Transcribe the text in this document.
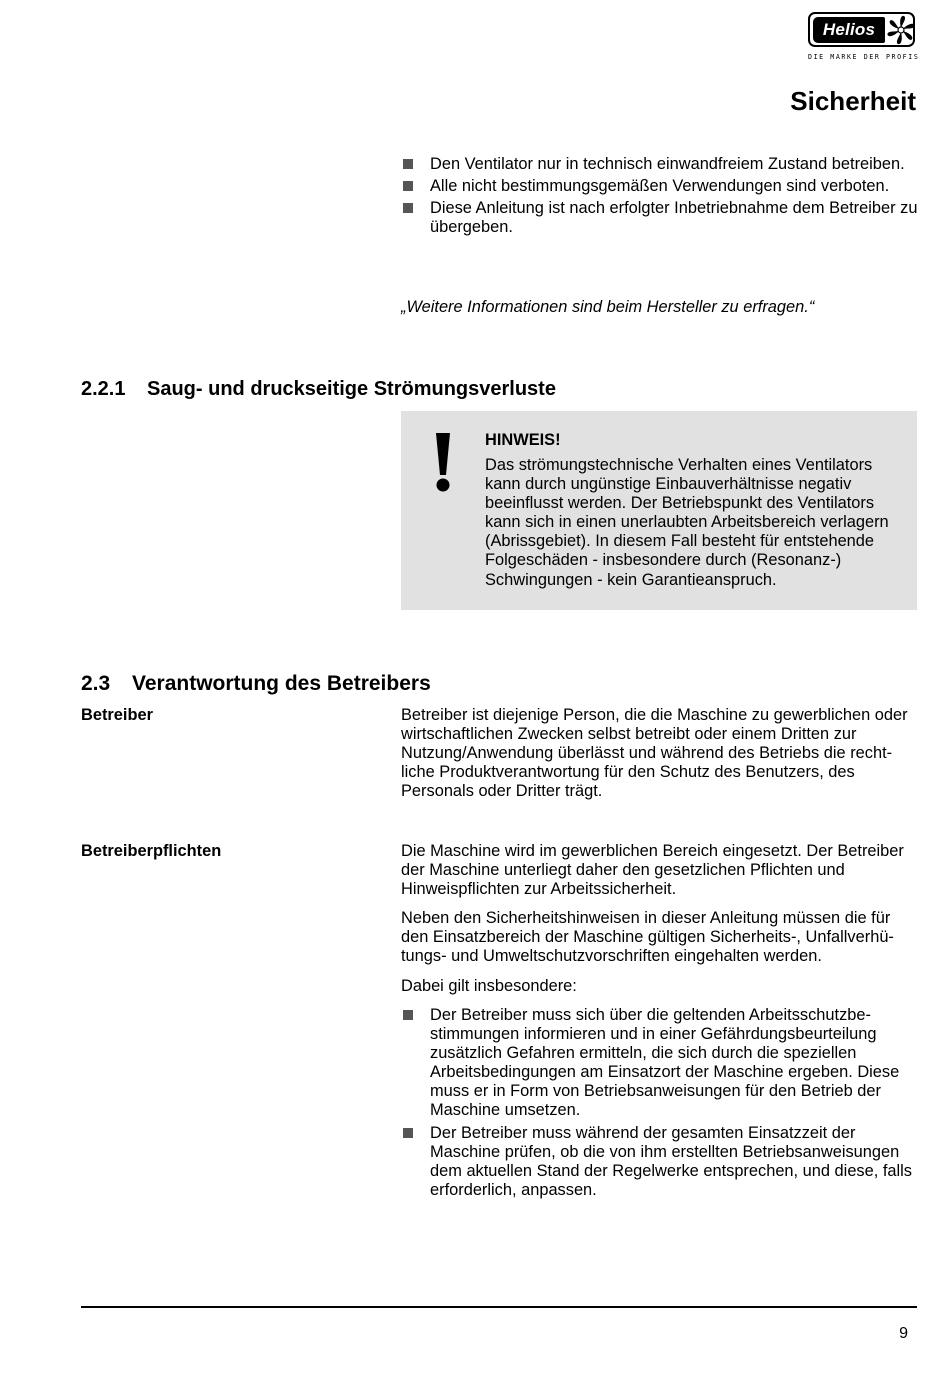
Helios
DIE MARKE DER PROFIS
Sicherheit
Den Ventilator nur in technisch einwandfreiem Zustand betreiben.
Alle nicht bestimmungsgemäßen Verwendungen sind verboten.
Diese Anleitung ist nach erfolgter Inbetriebnahme dem Betreiber zu übergeben.
„Weitere Informationen sind beim Hersteller zu erfragen.“
2.2.1 Saug- und druckseitige Strömungsverluste
HINWEIS!
Das strömungstechnische Verhalten eines Ventilators kann durch ungünstige Einbauverhältnisse negativ beeinflusst werden. Der Betriebspunkt des Ventilators kann sich in einen unerlaubten Arbeitsbereich verlagern (Abrissgebiet). In diesem Fall besteht für entstehende Folgeschäden - insbesondere durch (Resonanz-) Schwingungen - kein Garantieanspruch.
2.3 Verantwortung des Betreibers
Betreiber	Betreiber ist diejenige Person, die die Maschine zu gewerblichen oder wirtschaftlichen Zwecken selbst betreibt oder einem Dritten zur Nutzung/Anwendung überlässt und während des Betriebs die recht- liche Produktverantwortung für den Schutz des Benutzers, des Personals oder Dritter trägt.
Betreiberpflichten	Die Maschine wird im gewerblichen Bereich eingesetzt. Der Betreiber der Maschine unterliegt daher den gesetzlichen Pflichten und Hinweispflichten zur Arbeitssicherheit.
Neben den Sicherheitshinweisen in dieser Anleitung müssen die für den Einsatzbereich der Maschine gültigen Sicherheits-, Unfallverhü- tungs- und Umweltschutzvorschriften eingehalten werden.
Dabei gilt insbesondere:
Der Betreiber muss sich über die geltenden Arbeitsschutzbe- stimmungen informieren und in einer Gefährdungsbeurteilung zusätzlich Gefahren ermitteln, die sich durch die speziellen Arbeitsbedingungen am Einsatzort der Maschine ergeben. Diese muss er in Form von Betriebsanweisungen für den Betrieb der Maschine umsetzen.
Der Betreiber muss während der gesamten Einsatzzeit der Maschine prüfen, ob die von ihm erstellten Betriebsanweisungen dem aktuellen Stand der Regelwerke entsprechen, und diese, falls erforderlich, anpassen.
9
